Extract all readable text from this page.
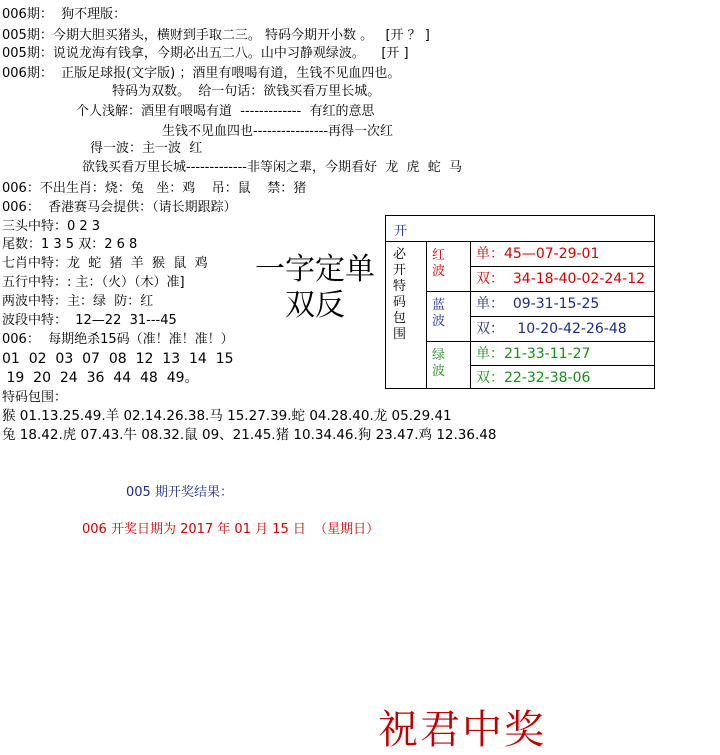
006期：  狗不理版：
005期：今期大胆买猪头，横财到手取二三。 特码今期开小数 。   [开 ？ ]
005期：说说龙海有钱拿，今期必出五二八。山中习静观绿波。    [开 ]
006期：  正版足球报(文字版) ；酒里有喂喝有道，生钱不见血四也。
特码为双数。  给一句话：欲钱买看万里长城。
个人浅解：酒里有喂喝有道  -------------  有红的意思
生钱不见血四也----------------再得一次红
得一波：主一波  红
欲钱买看万里长城-------------非等闲之辈，今期看好  龙  虎  蛇  马
006：不出生肖：烧：兔   坐：鸡    吊：鼠    禁：猪
006：  香港赛马会提供：（请长期跟踪）
三头中特：0 2 3
尾数：1 3 5 双：2 6 8
七肖中特：龙  蛇  猪  羊  猴  鼠  鸡
五行中特：: 主：（火）（木）准]
两波中特：主：绿  防：红
波段中特：  12—22  31---45
006：  每期绝杀15码（准！准！准！）
01  02  03  07  08  12  13  14  15
19  20  24  36  44  48  49。
特码包围：
猴 01.13.25.49.羊 02.14.26.38.马 15.27.39.蛇 04.28.40.龙 05.29.41
兔 18.42.虎 07.43.牛 08.32.鼠 09、21.45.猪 10.34.46.狗 23.47.鸡 12.36.48
005 期开奖结果：
006 开奖日期为 2017 年 01 月 15 日  （星期日）
一字定单双反
开
必开特码包围
红波
蓝波
绿波
单：45—07-29-01
双：  34-18-40-02-24-12
单：  09-31-15-25
双：   10-20-42-26-48
单：21-33-11-27
双：22-32-38-06
祝君中奖
